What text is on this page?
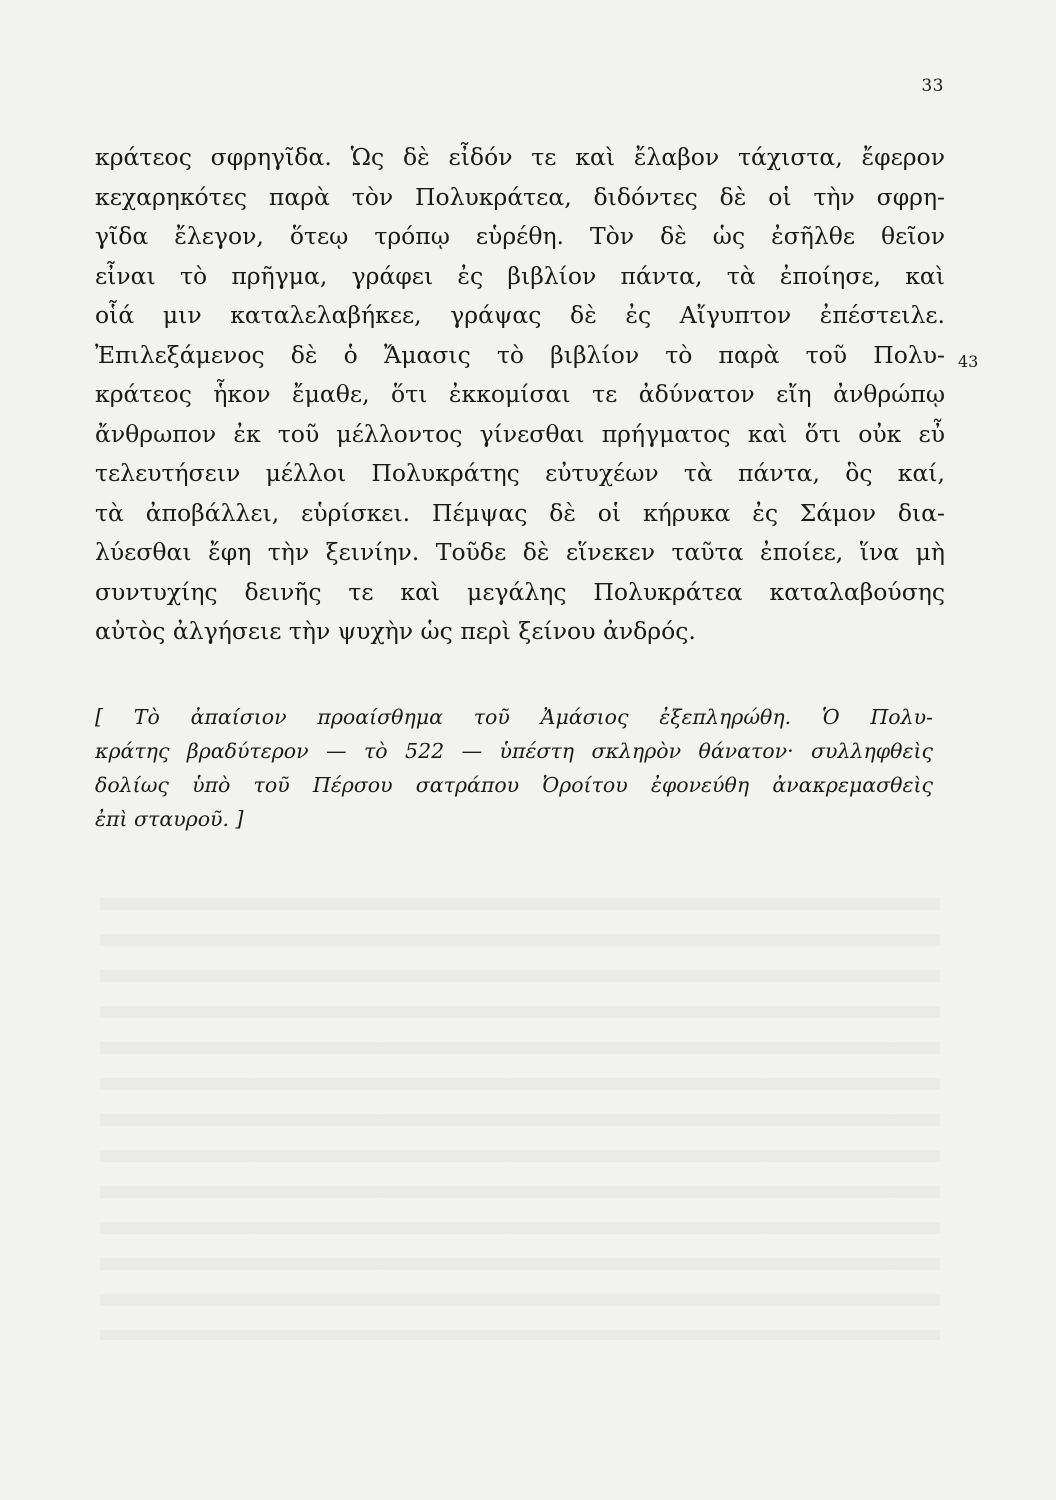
33
43
κράτεος σφρηγῖδα. Ὡς δὲ εἶδόν τε καὶ ἔλαβον τάχιστα, ἔφερον
κεχαρηκότες παρὰ τὸν Πολυκράτεα, διδόντες δὲ οἱ τὴν σφρη-
γῖδα ἔλεγον, ὅτεῳ τρόπῳ εὑρέθη. Τὸν δὲ ὡς ἐσῆλθε θεῖον
εἶναι τὸ πρῆγμα, γράφει ἐς βιβλίον πάντα, τὰ ἐποίησε, καὶ
οἷά μιν καταλελαβήκεε, γράψας δὲ ἐς Αἴγυπτον ἐπέστειλε.
Ἐπιλεξάμενος δὲ ὁ Ἄμασις τὸ βιβλίον τὸ παρὰ τοῦ Πολυ-
κράτεος ἧκον ἔμαθε, ὅτι ἐκκομίσαι τε ἀδύνατον εἴη ἀνθρώπῳ
ἄνθρωπον ἐκ τοῦ μέλλοντος γίνεσθαι πρήγματος καὶ ὅτι οὐκ εὖ
τελευτήσειν μέλλοι Πολυκράτης εὐτυχέων τὰ πάντα, ὃς καί,
τὰ ἀποβάλλει, εὑρίσκει. Πέμψας δὲ οἱ κήρυκα ἐς Σάμον δια-
λύεσθαι ἔφη τὴν ξεινίην. Τοῦδε δὲ εἵνεκεν ταῦτα ἐποίεε, ἵνα μὴ
συντυχίης δεινῆς τε καὶ μεγάλης Πολυκράτεα καταλαβούσης
αὐτὸς ἀλγήσειε τὴν ψυχὴν ὡς περὶ ξείνου ἀνδρός.
[ Τὸ ἀπαίσιον προαίσθημα τοῦ Ἀμάσιος ἐξεπληρώθη. Ὁ Πολυ-
κράτης βραδύτερον — τὸ 522 — ὑπέστη σκληρὸν θάνατον· συλληφθεὶς
δολίως ὑπὸ τοῦ Πέρσου σατράπου Ὀροίτου ἐφονεύθη ἀνακρεμασθεὶς
ἐπὶ σταυροῦ. ]
